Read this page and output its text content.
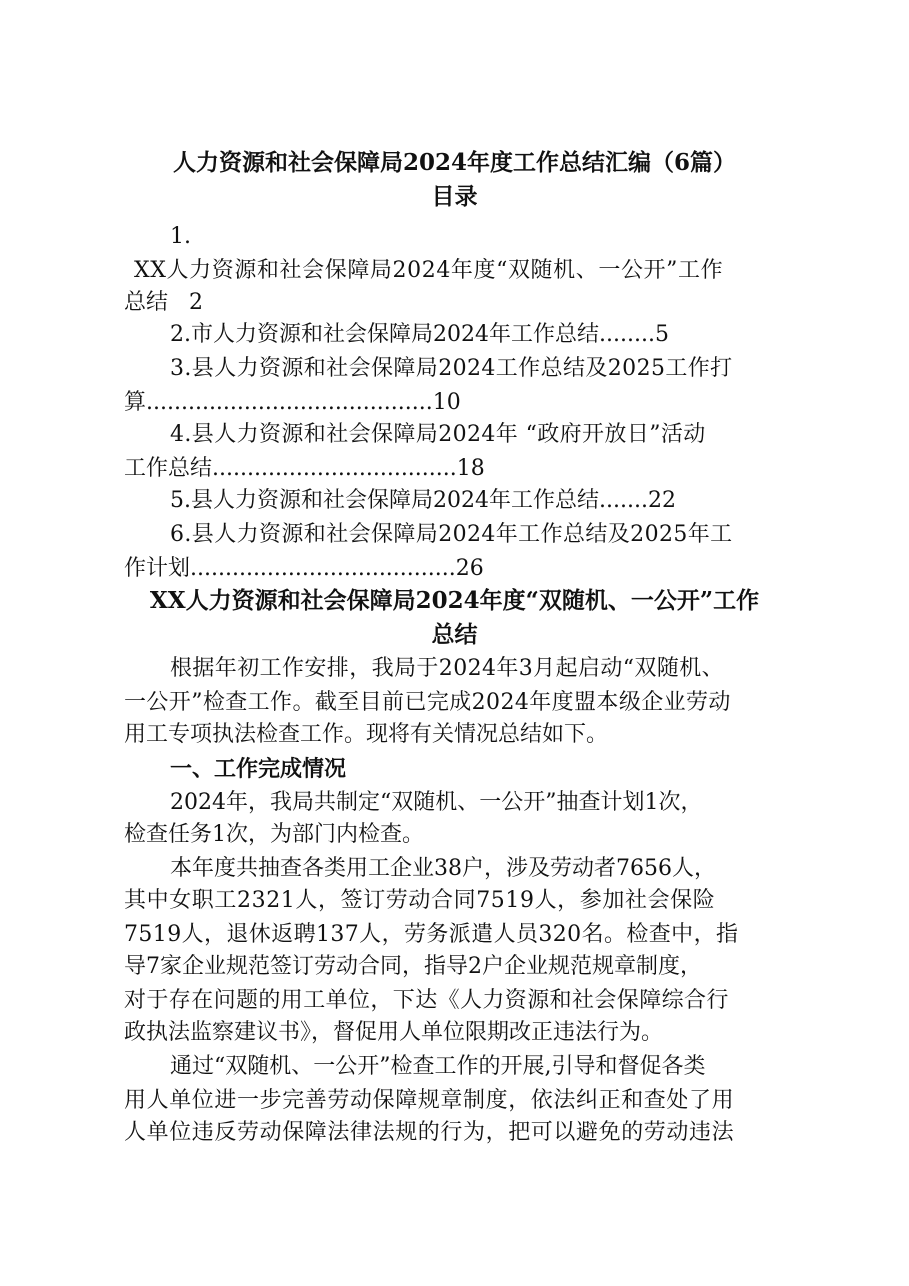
人力资源和社会保障局2024年度工作总结汇编（6篇）
目录
1.
XX人力资源和社会保障局2024年度“双随机、一公开”工作
总结 2
2.市人力资源和社会保障局2024年工作总结........5
3.县人力资源和社会保障局2024工作总结及2025工作打
算.........................................10
4.县人力资源和社会保障局2024年 “政府开放日”活动
工作总结...................................18
5.县人力资源和社会保障局2024年工作总结.......22
6.县人力资源和社会保障局2024年工作总结及2025年工
作计划......................................26
XX人力资源和社会保障局2024年度“双随机、一公开”工作
总结
根据年初工作安排，我局于2024年3月起启动“双随机、
一公开”检查工作。截至目前已完成2024年度盟本级企业劳动
用工专项执法检查工作。现将有关情况总结如下。
一、工作完成情况
2024年，我局共制定“双随机、一公开”抽查计划1次，
检查任务1次，为部门内检查。
本年度共抽查各类用工企业38户，涉及劳动者7656人，
其中女职工2321人，签订劳动合同7519人，参加社会保险
7519人，退休返聘137人，劳务派遣人员320名。检查中，指
导7家企业规范签订劳动合同，指导2户企业规范规章制度，
对于存在问题的用工单位，下达《人力资源和社会保障综合行
政执法监察建议书》，督促用人单位限期改正违法行为。
通过“双随机、一公开”检查工作的开展,引导和督促各类
用人单位进一步完善劳动保障规章制度，依法纠正和查处了用
人单位违反劳动保障法律法规的行为，把可以避免的劳动违法
